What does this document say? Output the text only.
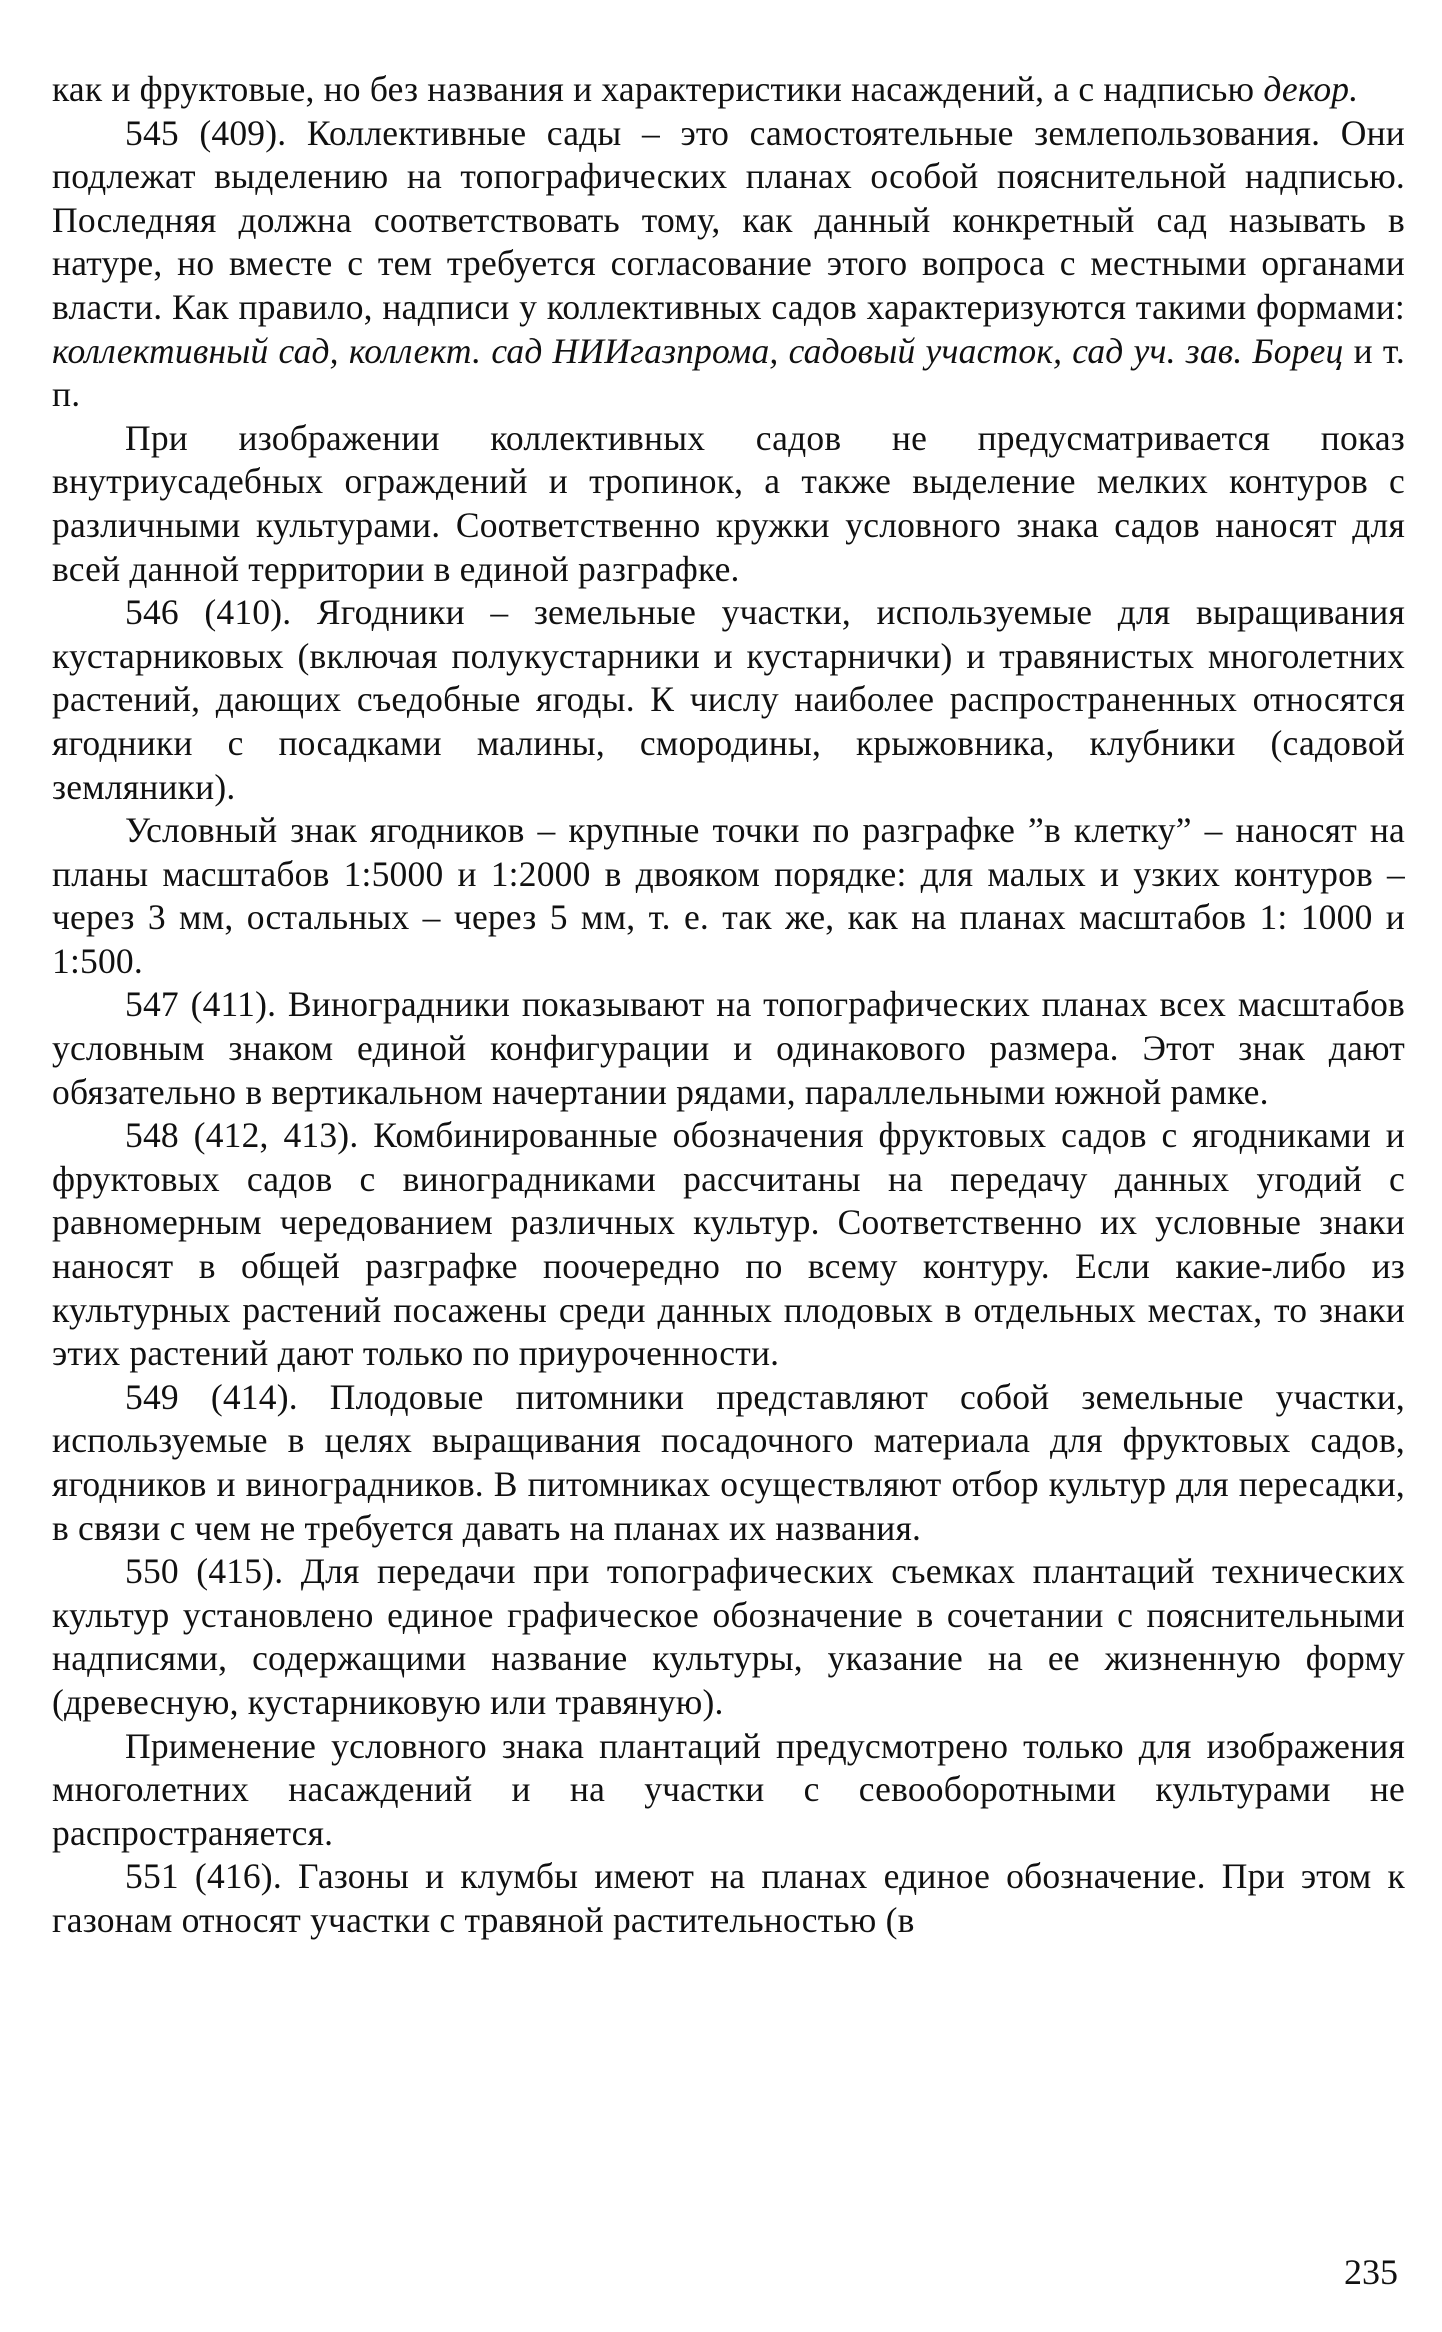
как и фруктовые, но без названия и характеристики насаждений, а с надписью декор.

545 (409). Коллективные сады – это самостоятельные землепользования. Они подлежат выделению на топографических планах особой пояснительной надписью. Последняя должна соответствовать тому, как данный конкретный сад называть в натуре, но вместе с тем требуется согласование этого вопроса с местными органами власти. Как правило, надписи у коллективных садов характеризуются такими формами: коллективный сад, коллект. сад НИИгазпрома, садовый участок, сад уч. зав. Борец и т. п.

При изображении коллективных садов не предусматривается показ внутриусадебных ограждений и тропинок, а также выделение мелких контуров с различными культурами. Соответственно кружки условного знака садов наносят для всей данной территории в единой разграфке.

546 (410). Ягодники – земельные участки, используемые для выращивания кустарниковых (включая полукустарники и кустарнички) и травянистых многолетних растений, дающих съедобные ягоды. К числу наиболее распространенных относятся ягодники с посадками малины, смородины, крыжовника, клубники (садовой земляники).

Условный знак ягодников – крупные точки по разграфке ”в клетку” – наносят на планы масштабов 1:5000 и 1:2000 в двояком порядке: для малых и узких контуров – через 3 мм, остальных – через 5 мм, т. е. так же, как на планах масштабов 1: 1000 и 1:500.

547 (411). Виноградники показывают на топографических планах всех масштабов условным знаком единой конфигурации и одинакового размера. Этот знак дают обязательно в вертикальном начертании рядами, параллельными южной рамке.

548 (412, 413). Комбинированные обозначения фруктовых садов с ягодниками и фруктовых садов с виноградниками рассчитаны на передачу данных угодий с равномерным чередованием различных культур. Соответственно их условные знаки наносят в общей разграфке поочередно по всему контуру. Если какие-либо из культурных растений посажены среди данных плодовых в отдельных местах, то знаки этих растений дают только по приуроченности.

549 (414). Плодовые питомники представляют собой земельные участки, используемые в целях выращивания посадочного материала для фруктовых садов, ягодников и виноградников. В питомниках осуществляют отбор культур для пересадки, в связи с чем не требуется давать на планах их названия.

550 (415). Для передачи при топографических съемках плантаций технических культур установлено единое графическое обозначение в сочетании с пояснительными надписями, содержащими название культуры, указание на ее жизненную форму (древесную, кустарниковую или травяную).

Применение условного знака плантаций предусмотрено только для изображения многолетних насаждений и на участки с севооборотными культурами не распространяется.

551 (416). Газоны и клумбы имеют на планах единое обозначение. При этом к газонам относят участки с травяной растительностью (в

235
